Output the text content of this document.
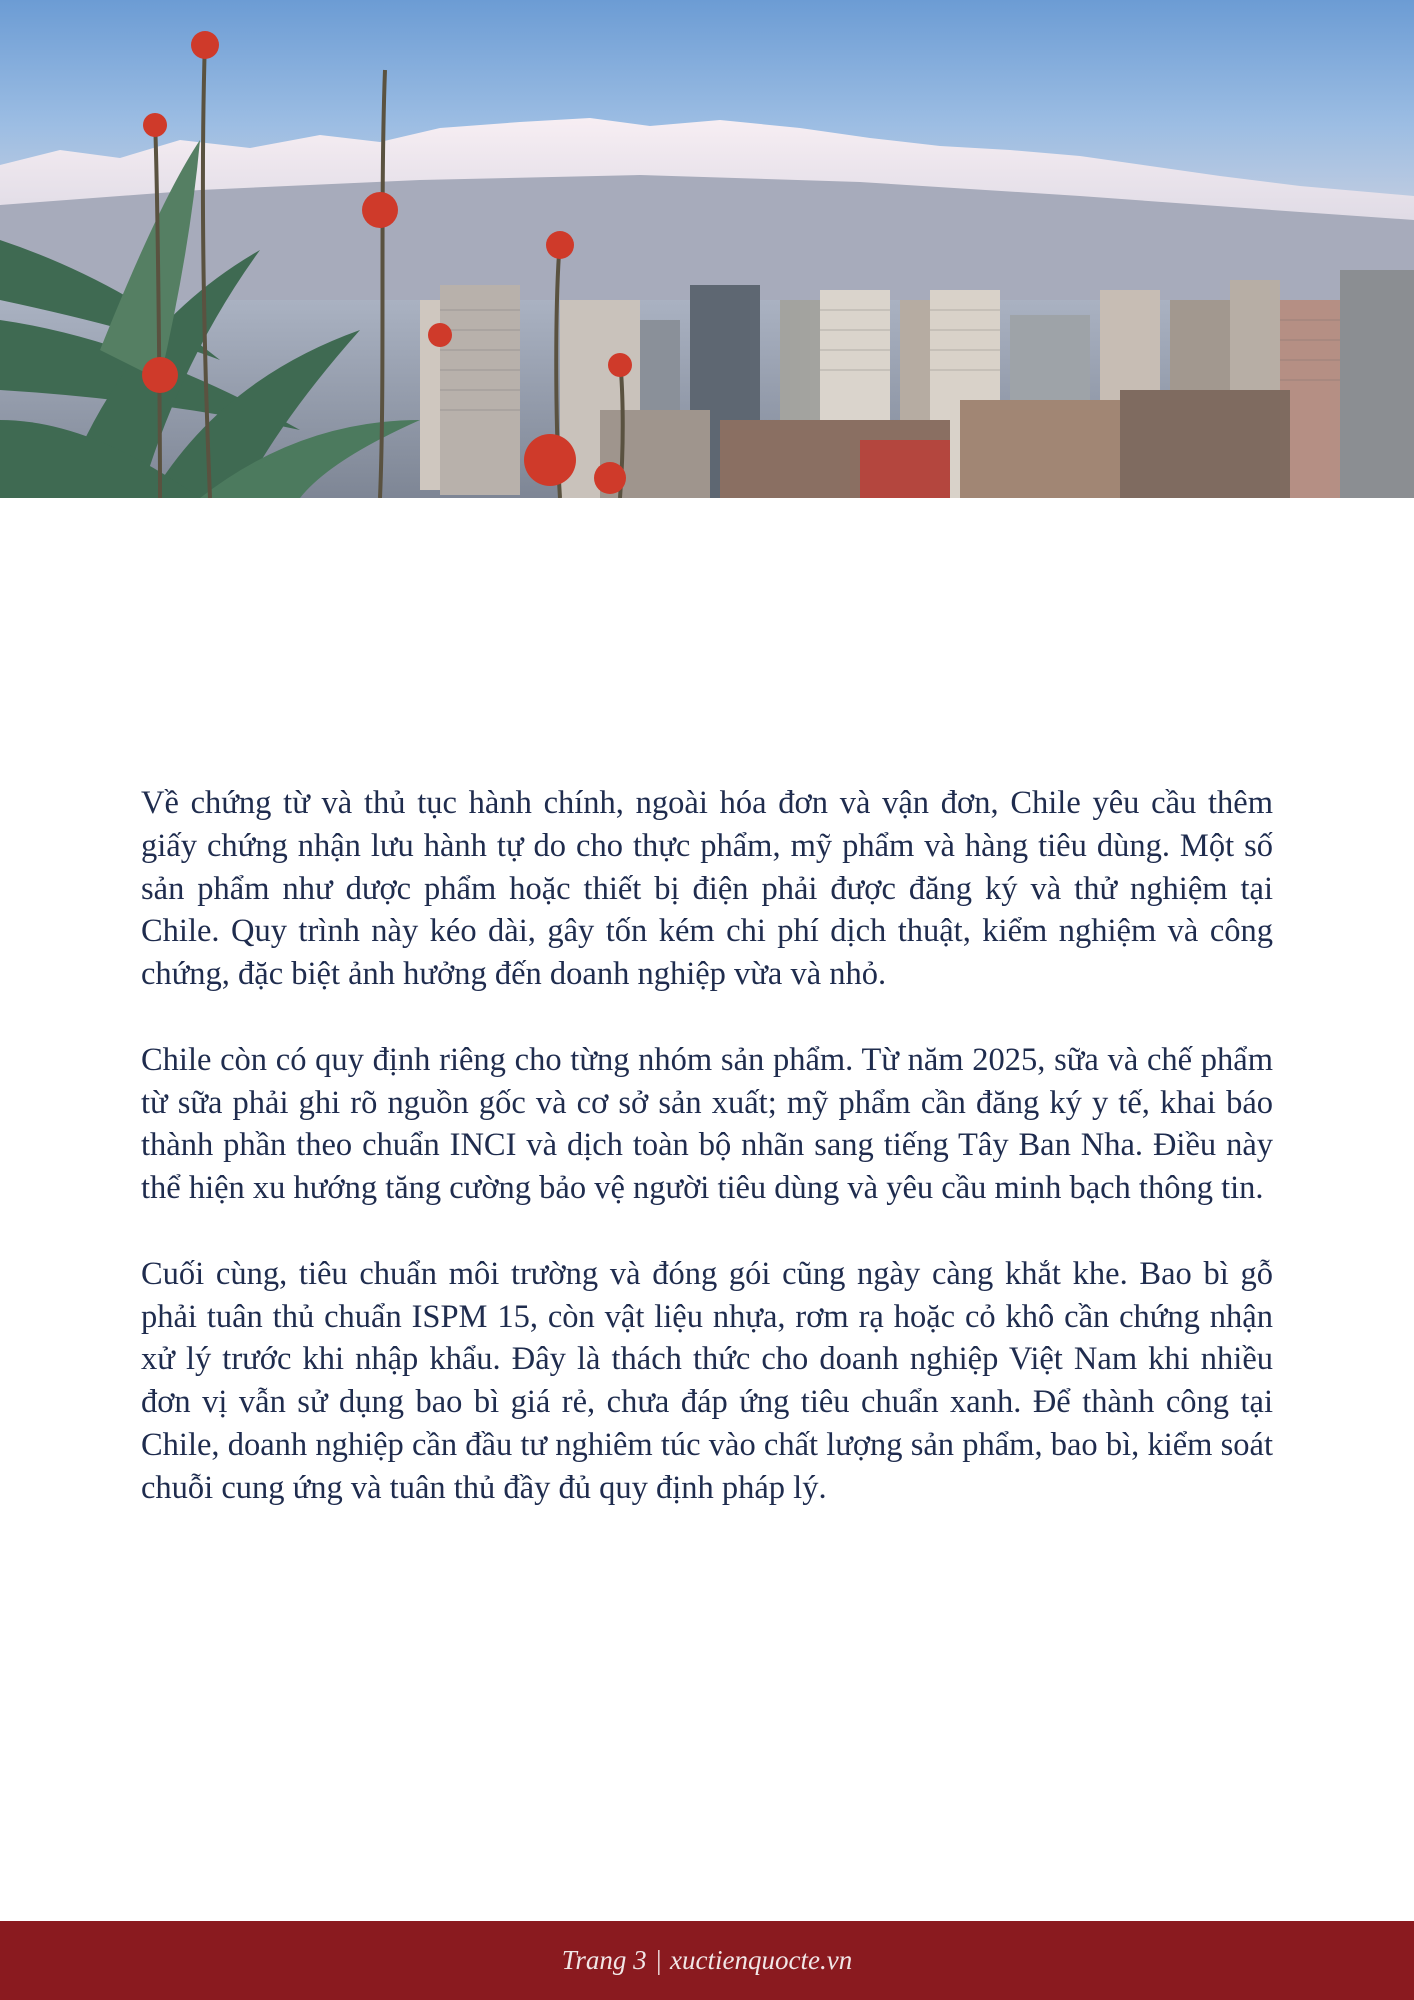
Về chứng từ và thủ tục hành chính, ngoài hóa đơn và vận đơn, Chile yêu cầu thêm giấy chứng nhận lưu hành tự do cho thực phẩm, mỹ phẩm và hàng tiêu dùng. Một số sản phẩm như dược phẩm hoặc thiết bị điện phải được đăng ký và thử nghiệm tại Chile. Quy trình này kéo dài, gây tốn kém chi phí dịch thuật, kiểm nghiệm và công chứng, đặc biệt ảnh hưởng đến doanh nghiệp vừa và nhỏ.

Chile còn có quy định riêng cho từng nhóm sản phẩm. Từ năm 2025, sữa và chế phẩm từ sữa phải ghi rõ nguồn gốc và cơ sở sản xuất; mỹ phẩm cần đăng ký y tế, khai báo thành phần theo chuẩn INCI và dịch toàn bộ nhãn sang tiếng Tây Ban Nha. Điều này thể hiện xu hướng tăng cường bảo vệ người tiêu dùng và yêu cầu minh bạch thông tin.

Cuối cùng, tiêu chuẩn môi trường và đóng gói cũng ngày càng khắt khe. Bao bì gỗ phải tuân thủ chuẩn ISPM 15, còn vật liệu nhựa, rơm rạ hoặc cỏ khô cần chứng nhận xử lý trước khi nhập khẩu. Đây là thách thức cho doanh nghiệp Việt Nam khi nhiều đơn vị vẫn sử dụng bao bì giá rẻ, chưa đáp ứng tiêu chuẩn xanh. Để thành công tại Chile, doanh nghiệp cần đầu tư nghiêm túc vào chất lượng sản phẩm, bao bì, kiểm soát chuỗi cung ứng và tuân thủ đầy đủ quy định pháp lý.

Trang 3 | xuctienquocte.vn
